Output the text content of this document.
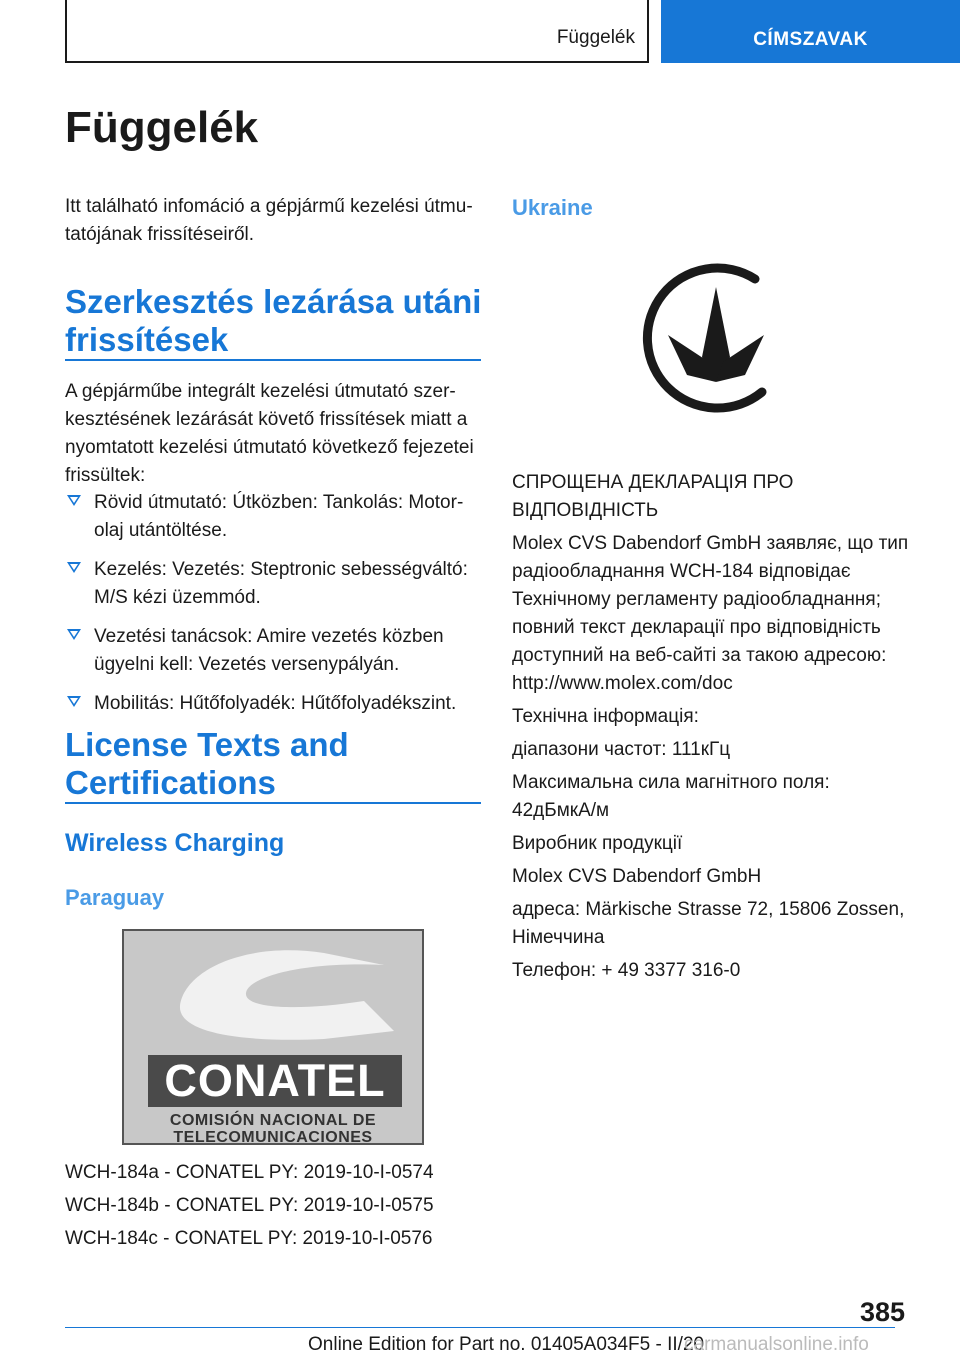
Függelék	CÍMSZAVAK
Függelék

Itt található infomáció a gépjármű kezelési útmu-
tatójának frissítéseiről.

Szerkesztés lezárása utáni
frissítések

A gépjárműbe integrált kezelési útmutató szer-
kesztésének lezárását követő frissítések miatt a
nyomtatott kezelési útmutató következő fejezetei
frissültek:

Rövid útmutató: Útközben: Tankolás: Motor-
olaj utántöltése.
Kezelés: Vezetés: Steptronic sebességváltó:
M/S kézi üzemmód.
Vezetési tanácsok: Amire vezetés közben
ügyelni kell: Vezetés versenypályán.
Mobilitás: Hűtőfolyadék: Hűtőfolyadékszint.
License Texts and
Certifications
Wireless Charging
Paraguay
CONATEL
COMISIÓN NACIONAL DE
TELECOMUNICACIONES

WCH-184a - CONATEL PY: 2019-10-I-0574

WCH-184b - CONATEL PY: 2019-10-I-0575

WCH-184c - CONATEL PY: 2019-10-I-0576

Ukraine

СПРОЩЕНА ДЕКЛАРАЦІЯ ПРО
ВІДПОВІДНІСТЬ

Molex CVS Dabendorf GmbH заявляє, що тип
радіообладнання WCH-184 відповідає
Технічному регламенту радіообладнання;
повний текст декларації про відповідність
доступний на веб-сайті за такою адресою:
http://www.molex.com/doc

Технічна інформація:

діапазони частот: 111кГц

Максимальна сила магнітного поля:
42дБмкА/м

Виробник продукції

Molex CVS Dabendorf GmbH

адреса: Märkische Strasse 72, 15806 Zossen,
Німеччина

Телефон: + 49 3377 316-0

385
Online Edition for Part no. 01405A034F5 - II/20
carmanualsonline.info
